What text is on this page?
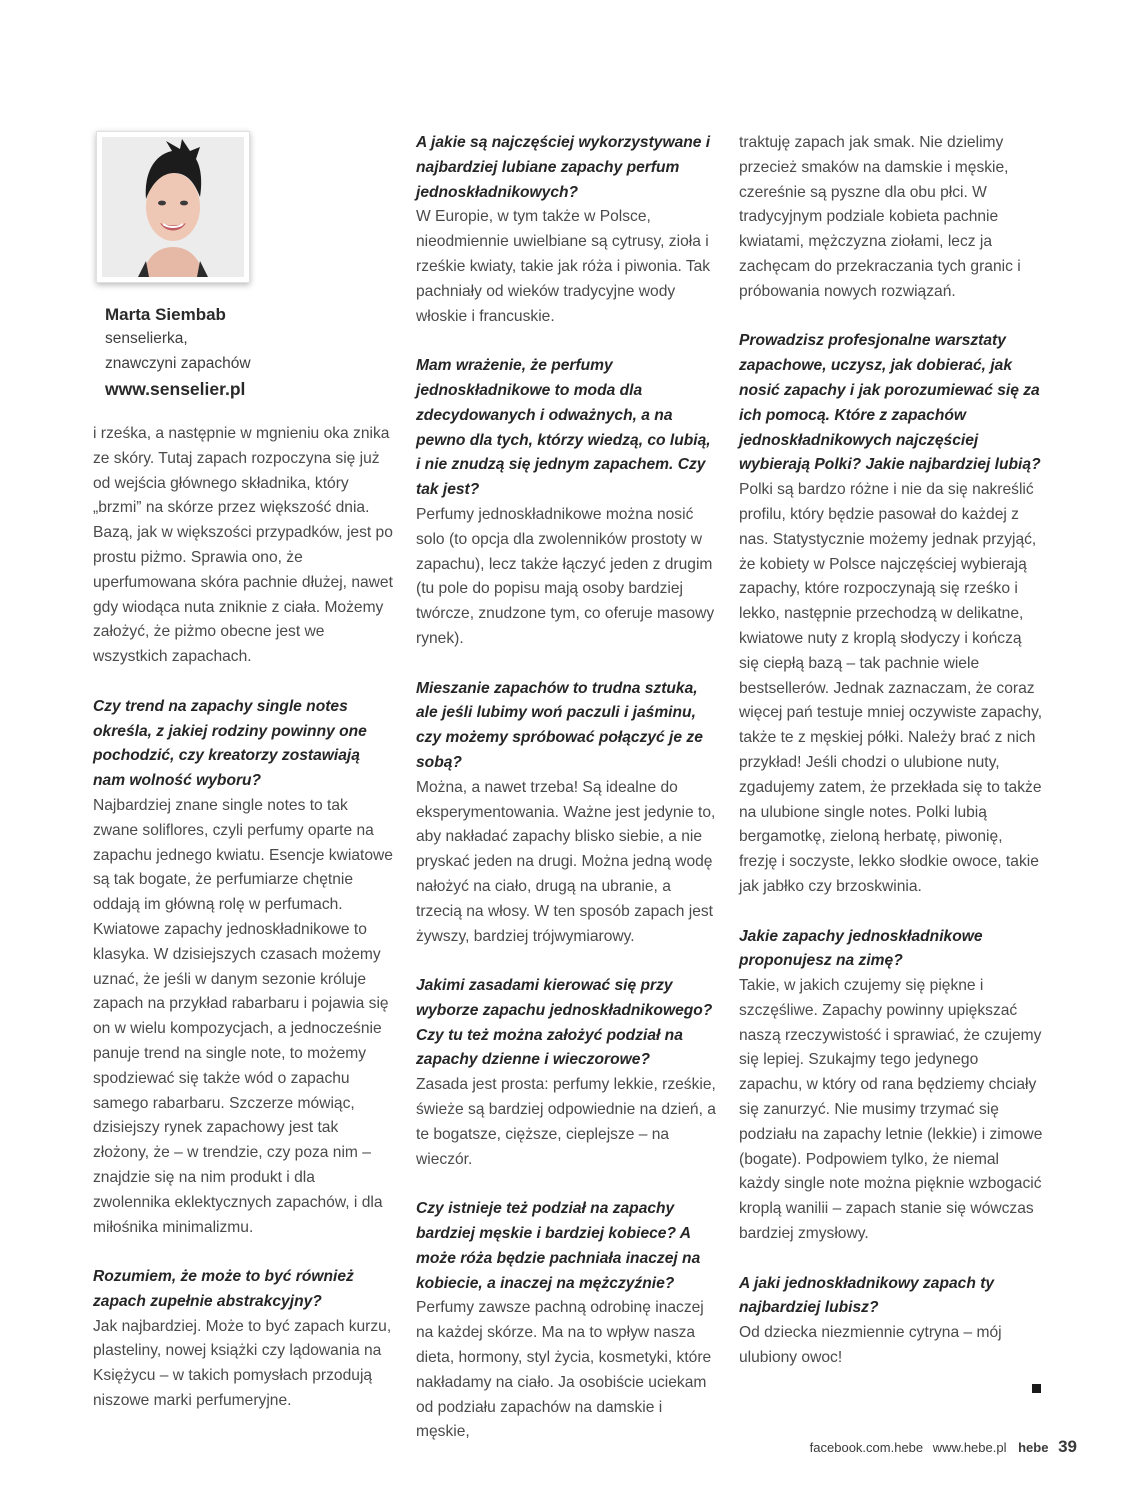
Marta Siembab
senselierka,
znawczyni zapachów
www.senselier.pl
i rześka, a następnie w mgnieniu oka znika ze skóry. Tutaj zapach rozpoczyna się już od wejścia głównego składnika, który „brzmi” na skórze przez większość dnia. Bazą, jak w większości przypadków, jest po prostu piżmo. Sprawia ono, że uperfumowana skóra pachnie dłużej, nawet gdy wiodąca nuta zniknie z ciała. Możemy założyć, że piżmo obecne jest we wszystkich zapachach.
Czy trend na zapachy single notes określa, z jakiej rodziny powinny one pochodzić, czy kreatorzy zostawiają nam wolność wyboru?
Najbardziej znane single notes to tak zwane soliflores, czyli perfumy oparte na zapachu jednego kwiatu. Esencje kwiatowe są tak bogate, że perfumiarze chętnie oddają im główną rolę w perfumach. Kwiatowe zapachy jednoskładnikowe to klasyka. W dzisiejszych czasach możemy uznać, że jeśli w danym sezonie króluje zapach na przykład rabarbaru i pojawia się on w wielu kompozycjach, a jednocześnie panuje trend na single note, to możemy spodziewać się także wód o zapachu samego rabarbaru. Szczerze mówiąc, dzisiejszy rynek zapachowy jest tak złożony, że – w trendzie, czy poza nim – znajdzie się na nim produkt i dla zwolennika eklektycznych zapachów, i dla miłośnika minimalizmu.
Rozumiem, że może to być również zapach zupełnie abstrakcyjny?
Jak najbardziej. Może to być zapach kurzu, plasteliny, nowej książki czy lądowania na Księżycu – w takich pomysłach przodują niszowe marki perfumeryjne.
A jakie są najczęściej wykorzystywane i najbardziej lubiane zapachy perfum jednoskładnikowych?
W Europie, w tym także w Polsce, nieodmiennie uwielbiane są cytrusy, zioła i rześkie kwiaty, takie jak róża i piwonia. Tak pachniały od wieków tradycyjne wody włoskie i francuskie.
Mam wrażenie, że perfumy jednoskładnikowe to moda dla zdecydowanych i odważnych, a na pewno dla tych, którzy wiedzą, co lubią, i nie znudzą się jednym zapachem. Czy tak jest?
Perfumy jednoskładnikowe można nosić solo (to opcja dla zwolenników prostoty w zapachu), lecz także łączyć jeden z drugim (tu pole do popisu mają osoby bardziej twórcze, znudzone tym, co oferuje masowy rynek).
Mieszanie zapachów to trudna sztuka, ale jeśli lubimy woń paczuli i jaśminu, czy możemy spróbować połączyć je ze sobą?
Można, a nawet trzeba! Są idealne do eksperymentowania. Ważne jest jedynie to, aby nakładać zapachy blisko siebie, a nie pryskać jeden na drugi. Można jedną wodę nałożyć na ciało, drugą na ubranie, a trzecią na włosy. W ten sposób zapach jest żywszy, bardziej trójwymiarowy.
Jakimi zasadami kierować się przy wyborze zapachu jednoskładnikowego? Czy tu też można założyć podział na zapachy dzienne i wieczorowe?
Zasada jest prosta: perfumy lekkie, rześkie, świeże są bardziej odpowiednie na dzień, a te bogatsze, cięższe, cieplejsze – na wieczór.
Czy istnieje też podział na zapachy bardziej męskie i bardziej kobiece? A może róża będzie pachniała inaczej na kobiecie, a inaczej na mężczyźnie?
Perfumy zawsze pachną odrobinę inaczej na każdej skórze. Ma na to wpływ nasza dieta, hormony, styl życia, kosmetyki, które nakładamy na ciało. Ja osobiście uciekam od podziału zapachów na damskie i męskie,
traktuję zapach jak smak. Nie dzielimy przecież smaków na damskie i męskie, czereśnie są pyszne dla obu płci. W tradycyjnym podziale kobieta pachnie kwiatami, mężczyzna ziołami, lecz ja zachęcam do przekraczania tych granic i próbowania nowych rozwiązań.
Prowadzisz profesjonalne warsztaty zapachowe, uczysz, jak dobierać, jak nosić zapachy i jak porozumiewać się za ich pomocą. Które z zapachów jednoskładnikowych najczęściej wybierają Polki? Jakie najbardziej lubią?
Polki są bardzo różne i nie da się nakreślić profilu, który będzie pasował do każdej z nas. Statystycznie możemy jednak przyjąć, że kobiety w Polsce najczęściej wybierają zapachy, które rozpoczynają się rześko i lekko, następnie przechodzą w delikatne, kwiatowe nuty z kroplą słodyczy i kończą się ciepłą bazą – tak pachnie wiele bestsellerów. Jednak zaznaczam, że coraz więcej pań testuje mniej oczywiste zapachy, także te z męskiej półki. Należy brać z nich przykład! Jeśli chodzi o ulubione nuty, zgadujemy zatem, że przekłada się to także na ulubione single notes. Polki lubią bergamotkę, zieloną herbatę, piwonię, frezję i soczyste, lekko słodkie owoce, takie jak jabłko czy brzoskwinia.
Jakie zapachy jednoskładnikowe proponujesz na zimę?
Takie, w jakich czujemy się piękne i szczęśliwe. Zapachy powinny upiększać naszą rzeczywistość i sprawiać, że czujemy się lepiej. Szukajmy tego jedynego zapachu, w który od rana będziemy chciały się zanurzyć. Nie musimy trzymać się podziału na zapachy letnie (lekkie) i zimowe (bogate). Podpowiem tylko, że niemal każdy single note można pięknie wzbogacić kroplą wanilii – zapach stanie się wówczas bardziej zmysłowy.
A jaki jednoskładnikowy zapach ty najbardziej lubisz?
Od dziecka niezmiennie cytryna – mój ulubiony owoc!
facebook.com.hebe www.hebe.pl hebe 39
